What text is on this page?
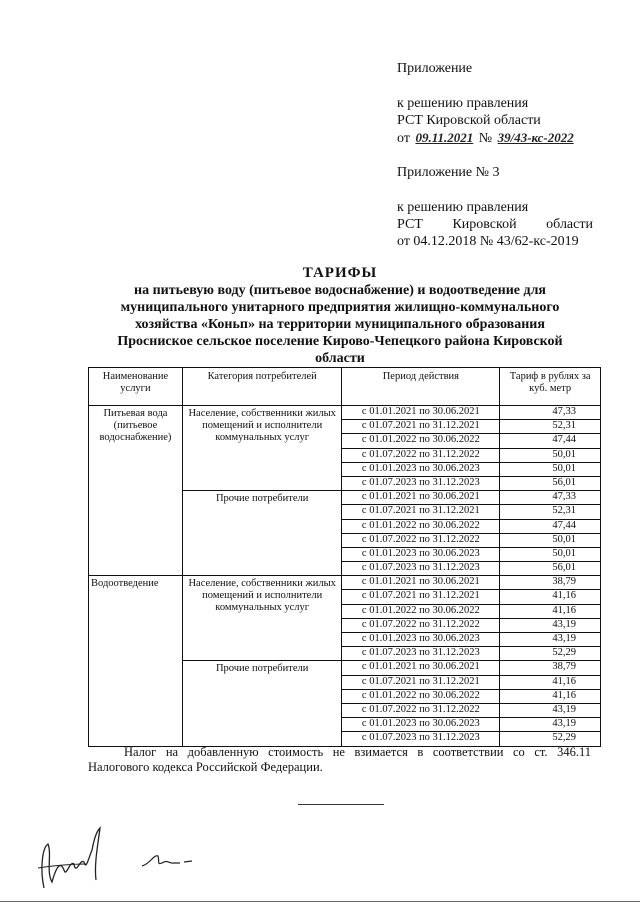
Приложение

к решению правления

РСТ Кировской области

от 09.11.2021 № 39/43-кс-2022

Приложение № 3

к решению правления

РСТ Кировской области

от 04.12.2018 № 43/62-кс-2019

ТАРИФЫ
на питьевую воду (питьевое водоснабжение) и водоотведение для
муниципального унитарного предприятия жилищно-коммунального
хозяйства «Коньп» на территории муниципального образования
Проснискoе сельское поселение Кирово-Чепецкого района Кировской
области
Наименование услуги	Категория потребителей	Период действия	Тариф в рублях за куб. метр
Питьевая вода (питьевое водоснабжение)	Население, собственники жилых помещений и исполнители коммунальных услуг	с 01.01.2021 по 30.06.2021	47,33
		с 01.07.2021 по 31.12.2021	52,31
		с 01.01.2022 по 30.06.2022	47,44
		с 01.07.2022 по 31.12.2022	50,01
		с 01.01.2023 по 30.06.2023	50,01
		с 01.07.2023 по 31.12.2023	56,01
	Прочие потребители	с 01.01.2021 по 30.06.2021	47,33
		с 01.07.2021 по 31.12.2021	52,31
		с 01.01.2022 по 30.06.2022	47,44
		с 01.07.2022 по 31.12.2022	50,01
		с 01.01.2023 по 30.06.2023	50,01
		с 01.07.2023 по 31.12.2023	56,01
Водоотведение	Население, собственники жилых помещений и исполнители коммунальных услуг	с 01.01.2021 по 30.06.2021	38,79
		с 01.07.2021 по 31.12.2021	41,16
		с 01.01.2022 по 30.06.2022	41,16
		с 01.07.2022 по 31.12.2022	43,19
		с 01.01.2023 по 30.06.2023	43,19
		с 01.07.2023 по 31.12.2023	52,29
	Прочие потребители	с 01.01.2021 по 30.06.2021	38,79
		с 01.07.2021 по 31.12.2021	41,16
		с 01.01.2022 по 30.06.2022	41,16
		с 01.07.2022 по 31.12.2022	43,19
		с 01.01.2023 по 30.06.2023	43,19
		с 01.07.2023 по 31.12.2023	52,29
Налог на добавленную стоимость не взимается в соответствии со ст. 346.11
Налогового кодекса Российской Федерации.
